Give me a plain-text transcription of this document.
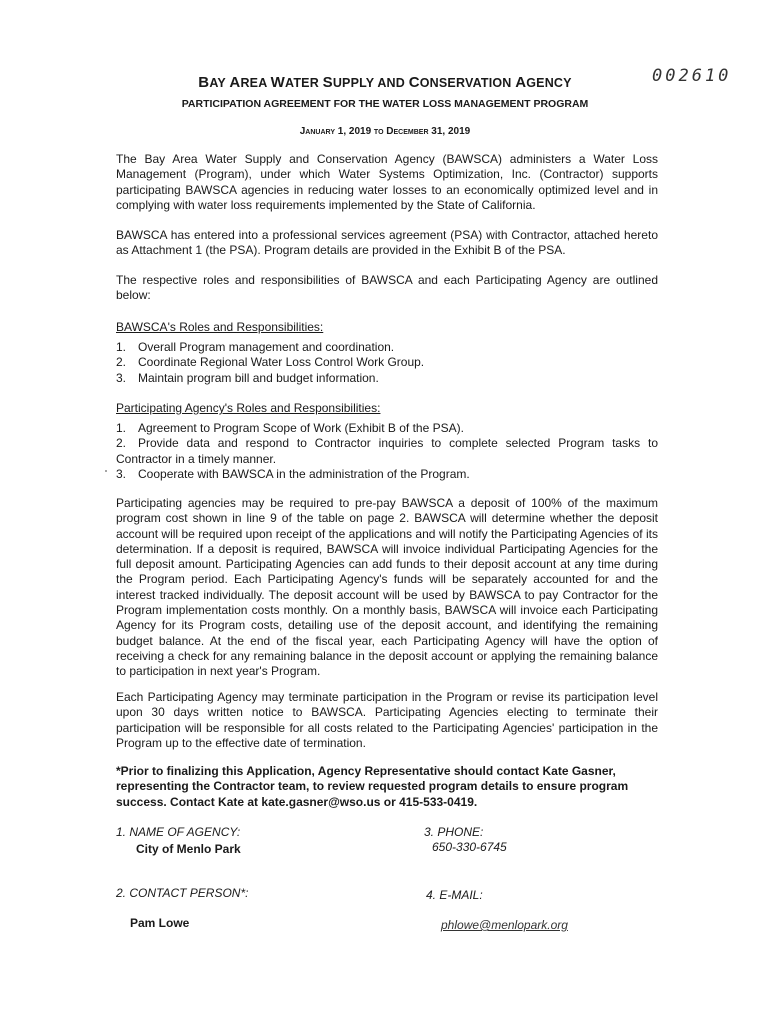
002610
BAY AREA WATER SUPPLY AND CONSERVATION AGENCY
PARTICIPATION AGREEMENT FOR THE WATER LOSS MANAGEMENT PROGRAM
January 1, 2019 to December 31, 2019

The Bay Area Water Supply and Conservation Agency (BAWSCA) administers a Water Loss Management (Program), under which Water Systems Optimization, Inc. (Contractor) supports participating BAWSCA agencies in reducing water losses to an economically optimized level and in complying with water loss requirements implemented by the State of California.

BAWSCA has entered into a professional services agreement (PSA) with Contractor, attached hereto as Attachment 1 (the PSA). Program details are provided in the Exhibit B of the PSA.

The respective roles and responsibilities of BAWSCA and each Participating Agency are outlined below:

BAWSCA's Roles and Responsibilities:

1. Overall Program management and coordination.
2. Coordinate Regional Water Loss Control Work Group.
3. Maintain program bill and budget information.

Participating Agency's Roles and Responsibilities:

1. Agreement to Program Scope of Work (Exhibit B of the PSA).
2. Provide data and respond to Contractor inquiries to complete selected Program tasks to Contractor in a timely manner.
3. Cooperate with BAWSCA in the administration of the Program.

Participating agencies may be required to pre-pay BAWSCA a deposit of 100% of the maximum program cost shown in line 9 of the table on page 2. BAWSCA will determine whether the deposit account will be required upon receipt of the applications and will notify the Participating Agencies of its determination. If a deposit is required, BAWSCA will invoice individual Participating Agencies for the full deposit amount. Participating Agencies can add funds to their deposit account at any time during the Program period. Each Participating Agency's funds will be separately accounted for and the interest tracked individually. The deposit account will be used by BAWSCA to pay Contractor for the Program implementation costs monthly. On a monthly basis, BAWSCA will invoice each Participating Agency for its Program costs, detailing use of the deposit account, and identifying the remaining budget balance. At the end of the fiscal year, each Participating Agency will have the option of receiving a check for any remaining balance in the deposit account or applying the remaining balance to participation in next year's Program.

Each Participating Agency may terminate participation in the Program or revise its participation level upon 30 days written notice to BAWSCA. Participating Agencies electing to terminate their participation will be responsible for all costs related to the Participating Agencies' participation in the Program up to the effective date of termination.

*Prior to finalizing this Application, Agency Representative should contact Kate Gasner, representing the Contractor team, to review requested program details to ensure program success. Contact Kate at kate.gasner@wso.us or 415-533-0419.

1. NAME OF AGENCY:
City of Menlo Park
3. PHONE:
650-330-6745
2. CONTACT PERSON*:
Pam Lowe
4. E-MAIL:
phlowe@menlopark.org
